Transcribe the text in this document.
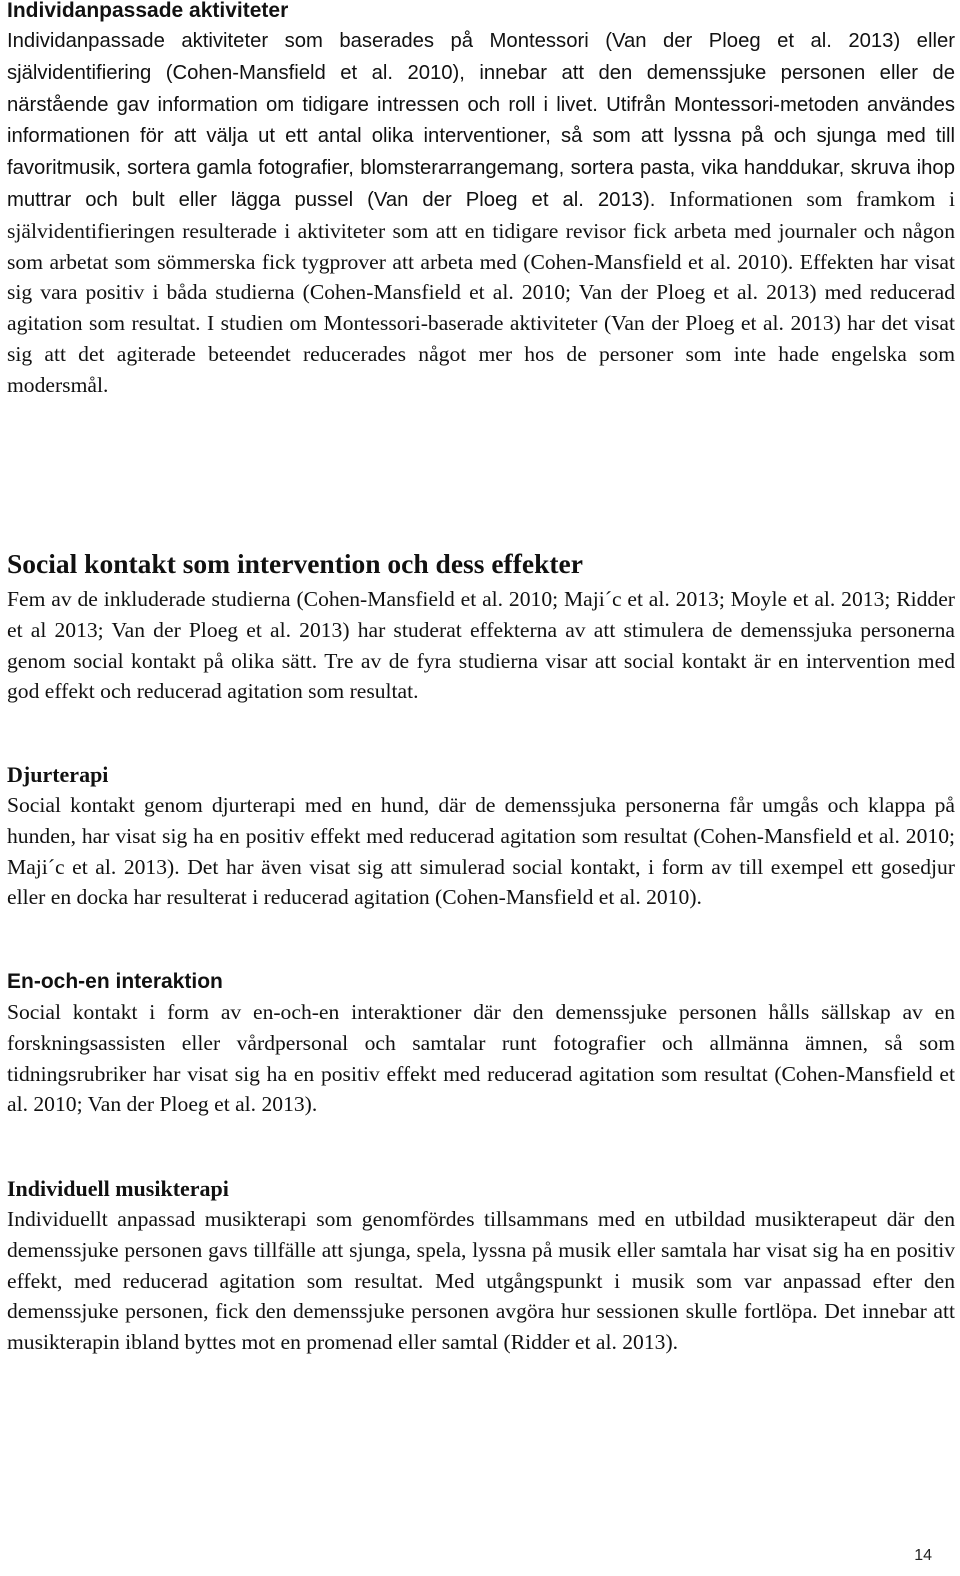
Individanpassade aktiviteter
Individanpassade aktiviteter som baserades på Montessori (Van der Ploeg et al. 2013) eller självidentifiering (Cohen-Mansfield et al. 2010), innebar att den demenssjuke personen eller de närstående gav information om tidigare intressen och roll i livet. Utifrån Montessori-metoden användes informationen för att välja ut ett antal olika interventioner, så som att lyssna på och sjunga med till favoritmusik, sortera gamla fotografier, blomsterarrangemang, sortera pasta, vika handdukar, skruva ihop muttrar och bult eller lägga pussel (Van der Ploeg et al. 2013). Informationen som framkom i självidentifieringen resulterade i aktiviteter som att en tidigare revisor fick arbeta med journaler och någon som arbetat som sömmerska fick tygprover att arbeta med (Cohen-Mansfield et al. 2010). Effekten har visat sig vara positiv i båda studierna (Cohen-Mansfield et al. 2010; Van der Ploeg et al. 2013) med reducerad agitation som resultat. I studien om Montessori-baserade aktiviteter (Van der Ploeg et al. 2013) har det visat sig att det agiterade beteendet reducerades något mer hos de personer som inte hade engelska som modersmål.
Social kontakt som intervention och dess effekter
Fem av de inkluderade studierna (Cohen-Mansfield et al. 2010; Maji´c et al. 2013; Moyle et al. 2013; Ridder et al 2013; Van der Ploeg et al. 2013) har studerat effekterna av att stimulera de demenssjuka personerna genom social kontakt på olika sätt. Tre av de fyra studierna visar att social kontakt är en intervention med god effekt och reducerad agitation som resultat.
Djurterapi
Social kontakt genom djurterapi med en hund, där de demenssjuka personerna får umgås och klappa på hunden, har visat sig ha en positiv effekt med reducerad agitation som resultat (Cohen-Mansfield et al. 2010; Maji´c et al. 2013). Det har även visat sig att simulerad social kontakt, i form av till exempel ett gosedjur eller en docka har resulterat i reducerad agitation (Cohen-Mansfield et al. 2010).
En-och-en interaktion
Social kontakt i form av en-och-en interaktioner där den demenssjuke personen hålls sällskap av en forskningsassisten eller vårdpersonal och samtalar runt fotografier och allmänna ämnen, så som tidningsrubriker har visat sig ha en positiv effekt med reducerad agitation som resultat (Cohen-Mansfield et al. 2010; Van der Ploeg et al. 2013).
Individuell musikterapi
Individuellt anpassad musikterapi som genomfördes tillsammans med en utbildad musikterapeut där den demenssjuke personen gavs tillfälle att sjunga, spela, lyssna på musik eller samtala har visat sig ha en positiv effekt, med reducerad agitation som resultat. Med utgångspunkt i musik som var anpassad efter den demenssjuke personen, fick den demenssjuke personen avgöra hur sessionen skulle fortlöpa. Det innebar att musikterapin ibland byttes mot en promenad eller samtal (Ridder et al. 2013).
14
